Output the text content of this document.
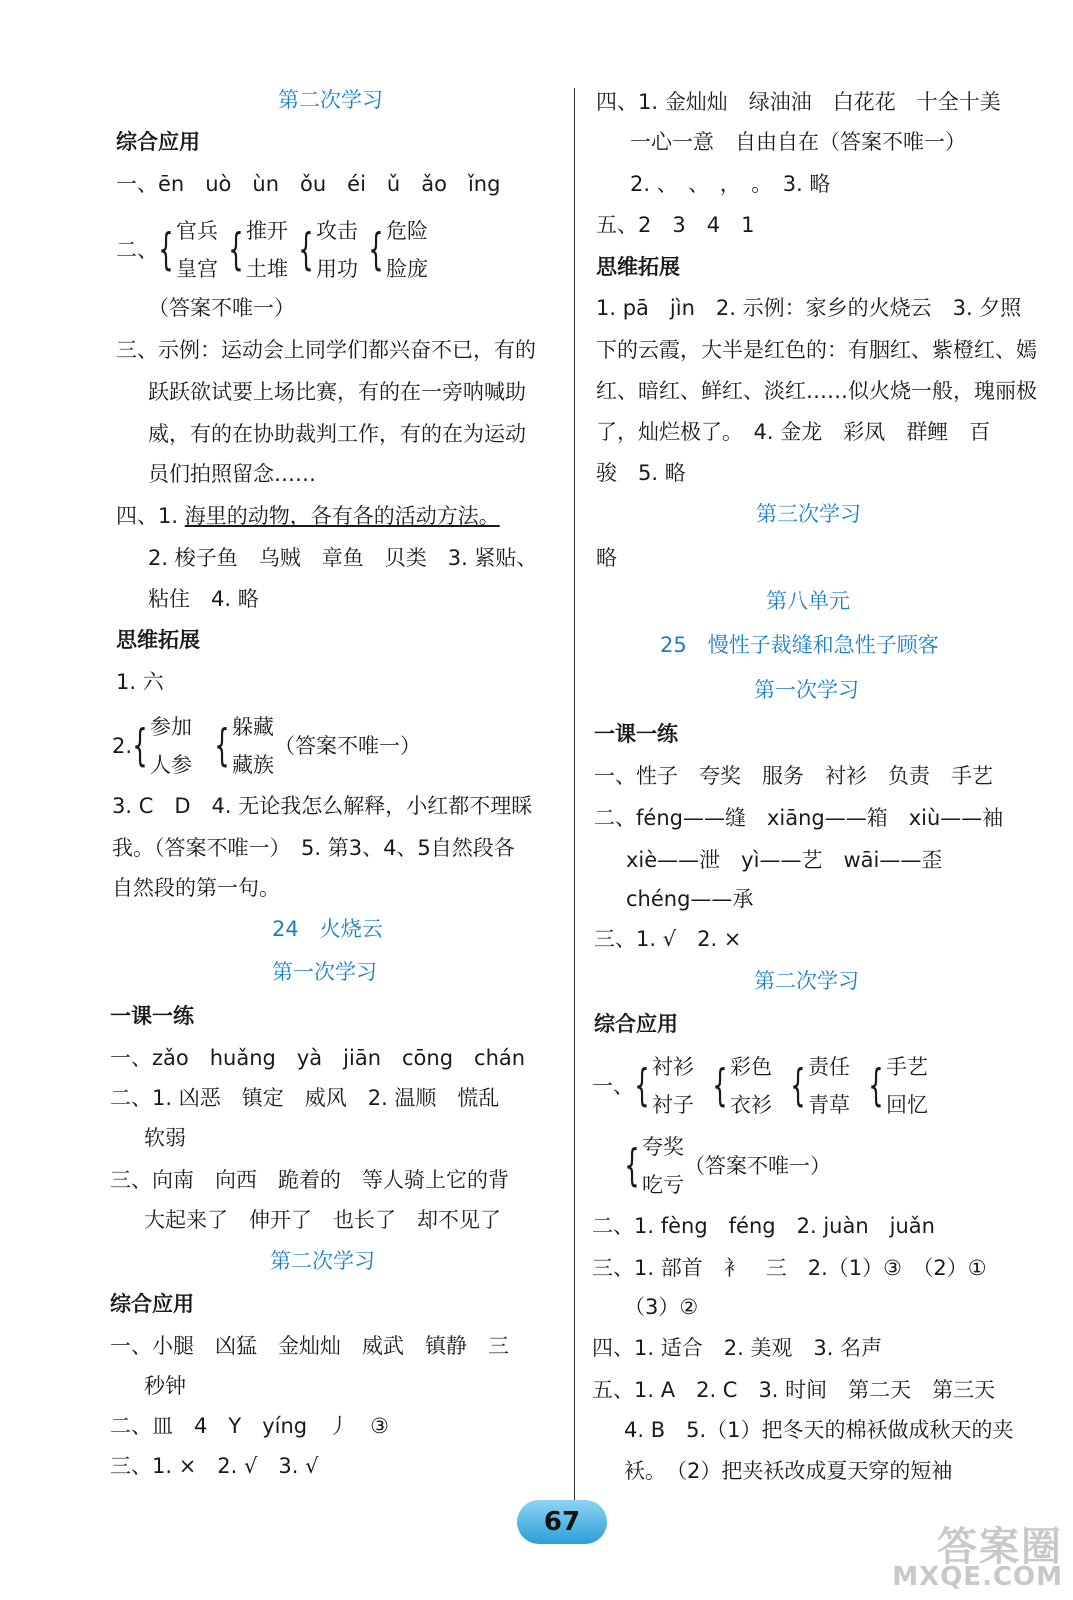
第二次学习
综合应用
一、ēn　uò　ùn　ǒu　éi　ǔ　ǎo　ǐng
二、 { 官兵
皇宫 { 推开
土堆 { 攻击
用功 { 危险
脸庞
（答案不唯一）
三、示例：运动会上同学们都兴奋不已，有的
跃跃欲试要上场比赛，有的在一旁呐喊助
威，有的在协助裁判工作，有的在为运动
员们拍照留念……
四、1. 海里的动物，各有各的活动方法。
2. 梭子鱼　乌贼　章鱼　贝类　3. 紧贴、
粘住　4. 略
思维拓展
1. 六
2. { 参加
人参 { 躲藏
藏族
（答案不唯一）
3. C　D　4. 无论我怎么解释，小红都不理睬
我。（答案不唯一）　5. 第3、4、5自然段各
自然段的第一句。
24　火烧云
第一次学习
一课一练
一、zǎo　huǎng　yà　jiān　cōng　chán
二、1. 凶恶　镇定　威风　2. 温顺　慌乱
软弱
三、向南　向西　跪着的　等人骑上它的背
大起来了　伸开了　也长了　却不见了
第二次学习
综合应用
一、小腿　凶猛　金灿灿　威武　镇静　三
秒钟
二、皿　4　Y　yíng　丿　③
三、1. ×　2. √　3. √
四、1. 金灿灿　绿油油　白花花　十全十美
一心一意　自由自在（答案不唯一）
2. 、　、　，　。　3. 略
五、2　3　4　1
思维拓展
1. pā　jìn　2. 示例：家乡的火烧云　3. 夕照
下的云霞，大半是红色的：有胭红、紫橙红、嫣
红、暗红、鲜红、淡红……似火烧一般，瑰丽极
了，灿烂极了。　4. 金龙　彩凤　群鲤　百
骏　5. 略
第三次学习
略
第八单元
25　慢性子裁缝和急性子顾客
第一次学习
一课一练
一、性子　夸奖　服务　衬衫　负责　手艺
二、féng——缝　xiāng——箱　xiù——袖
xiè——泄　yì——艺　wāi——歪
chéng——承
三、1. √　2. ×
第二次学习
综合应用
一、 { 衬衫
衬子 { 彩色
衣衫 { 责任
青草 { 手艺
回忆
{ 夸奖
吃亏
（答案不唯一）
二、1. fèng　féng　2. juàn　juǎn
三、1. 部首　衤　三　2.（1）③　（2）①
（3）②
四、1. 适合　2. 美观　3. 名声
五、1. A　2. C　3. 时间　第二天　第三天
4. B　5.（1）把冬天的棉袄做成秋天的夹
袄。　（2）把夹袄改成夏天穿的短袖
67
答案圈
MXQE.COM
